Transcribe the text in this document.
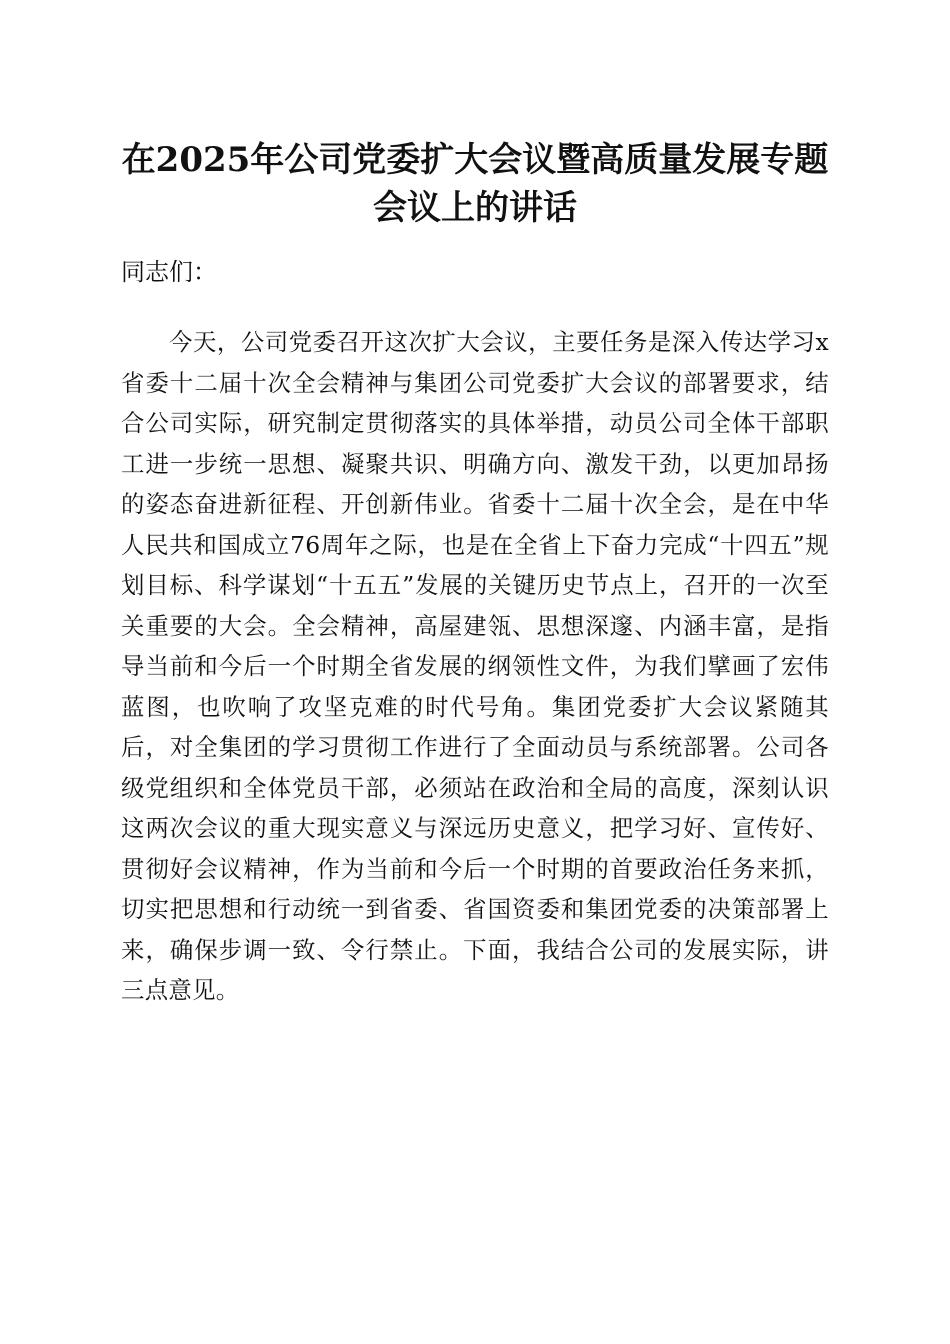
在2025年公司党委扩大会议暨高质量发展专题会议上的讲话

同志们：

今天，公司党委召开这次扩大会议，主要任务是深入传达学习x省委十二届十次全会精神与集团公司党委扩大会议的部署要求，结合公司实际，研究制定贯彻落实的具体举措，动员公司全体干部职工进一步统一思想、凝聚共识、明确方向、激发干劲，以更加昂扬的姿态奋进新征程、开创新伟业。省委十二届十次全会，是在中华人民共和国成立76周年之际，也是在全省上下奋力完成“十四五”规划目标、科学谋划“十五五”发展的关键历史节点上，召开的一次至关重要的大会。全会精神，高屋建瓴、思想深邃、内涵丰富，是指导当前和今后一个时期全省发展的纲领性文件，为我们擘画了宏伟蓝图，也吹响了攻坚克难的时代号角。集团党委扩大会议紧随其后，对全集团的学习贯彻工作进行了全面动员与系统部署。公司各级党组织和全体党员干部，必须站在政治和全局的高度，深刻认识这两次会议的重大现实意义与深远历史意义，把学习好、宣传好、贯彻好会议精神，作为当前和今后一个时期的首要政治任务来抓，切实把思想和行动统一到省委、省国资委和集团党委的决策部署上来，确保步调一致、令行禁止。下面，我结合公司的发展实际，讲三点意见。
